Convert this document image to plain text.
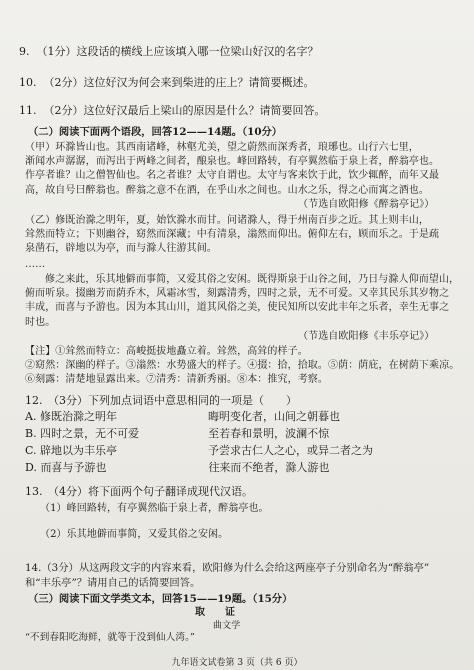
9. （1分）这段话的横线上应该填入哪一位梁山好汉的名字？
10. （2分）这位好汉为何会来到柴进的庄上？请简要概述。
11. （2分）这位好汉最后上梁山的原因是什么？请简要回答。
（二）阅读下面两个语段，回答12——14题。（10分）
（甲）环滁皆山也。其西南诸峰，林壑尤美，望之蔚然而深秀者，琅琊也。山行六七里，
渐闻水声潺潺，而泻出于两峰之间者，酿泉也。峰回路转，有亭翼然临于泉上者，醉翁亭也。
作亭者谁？山之僧智仙也。名之者谁？太守自谓也。太守与客来饮于此，饮少辄醉，而年又最
高，故自号曰醉翁也。醉翁之意不在酒，在乎山水之间也。山水之乐，得之心而寓之酒也。
（节选自欧阳修《醉翁亭记》）
（乙）修既治滁之明年，夏，始饮滁水而甘。问诸滁人，得于州南百步之近。其上则丰山，
耸然而特立；下则幽谷，窈然而深藏；中有清泉，滃然而仰出。俯仰左右，顾而乐之。于是疏
泉凿石，辟地以为亭，而与滁人往游其间。
……
修之来此，乐其地僻而事简，又爱其俗之安闲。既得斯泉于山谷之间，乃日与滁人仰而望山，
俯而听泉。掇幽芳而荫乔木，风霜冰雪，刻露清秀，四时之景，无不可爱。又幸其民乐其岁物之
丰成，而喜与予游也。因为本其山川，道其风俗之美，使民知所以安此丰年之乐者，幸生无事之
时也。
（节选自欧阳修《丰乐亭记》）
【注】①耸然而特立：高峻挺拔地矗立着。耸然，高耸的样子。
②窈然：深幽的样子。③滃然：水势盛大的样子。④掇：拾，拾取。⑤荫：荫庇，在树荫下乘凉。
⑥刻露：清楚地显露出来。⑦清秀：清新秀丽。⑧本：推究，考察。
12.　（3分）下列加点词语中意思相同的一项是（　　）
A. 修既治滁之明年	晦明变化者，山间之朝暮也
B. 四时之景，无不可爱	至若春和景明，波澜不惊
C. 辟地以为丰乐亭	予尝求古仁人之心，或异二者之为
D. 而喜与予游也	往来而不绝者，滁人游也
13.　（4分）将下面两个句子翻译成现代汉语。
（1）峰回路转，有亭翼然临于泉上者，醉翁亭也。
（2）乐其地僻而事简，又爱其俗之安闲。
14.（3分）从这两段文字的内容来看，欧阳修为什么会给这两座亭子分别命名为“醉翁亭”
和“丰乐亭”？请用自己的话简要回答。
（三）阅读下面文学类文本，回答15——19题。（15分）
取　　证
曲文学
“不到春阳吃海鲜，就等于没到仙人湾。”
九年语文试卷第 3 页（共 6 页）
